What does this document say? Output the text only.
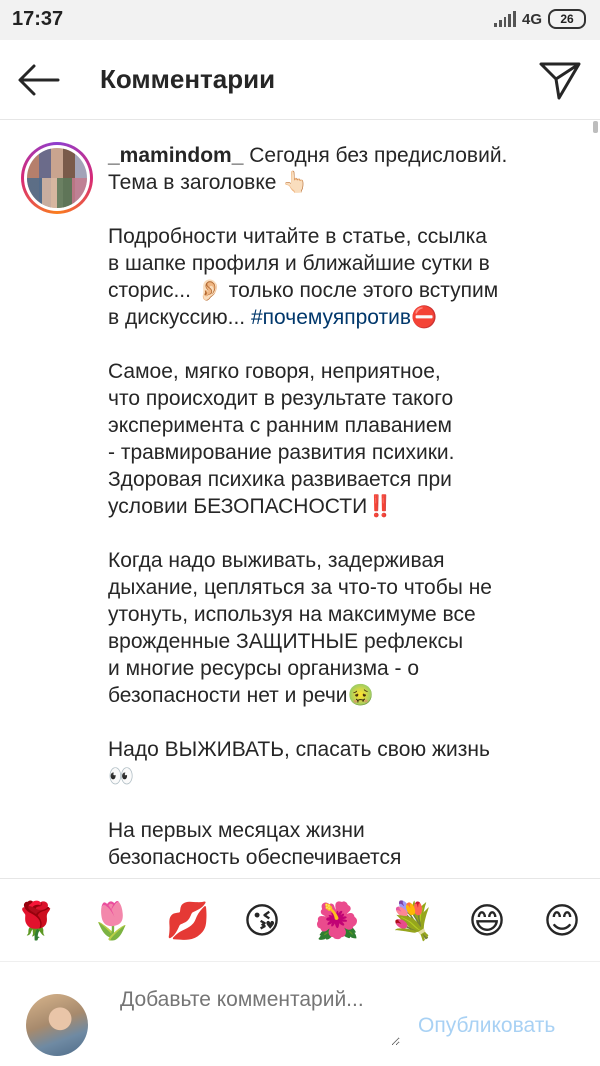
17:37	4G	26
Комментарии

_mamindom_ Сегодня без предисловий.

Тема в заголовке 👆🏻

Подробности читайте в статье, ссылка

в шапке профиля и ближайшие сутки в

сторис... 👂🏻 только после этого вступим

в дискуссию... #почемуяпротив⛔

Самое, мягко говоря, неприятное,

что происходит в результате такого

эксперимента с ранним плаванием

- травмирование развития психики.

Здоровая психика развивается при

условии БЕЗОПАСНОСТИ‼️

Когда надо выживать, задерживая

дыхание, цепляться за что-то чтобы не

утонуть, используя на максимуме все

врожденные ЗАЩИТНЫЕ рефлексы

и многие ресурсы организма - о

безопасности нет и речи🤢

Надо ВЫЖИВАТЬ, спасать свою жизнь

👀

На первых месяцах жизни

безопасность обеспечивается

🌹 🌷 💋 😘 🌺 💐 😄 😊
Добавьте комментарий...
Опубликовать
